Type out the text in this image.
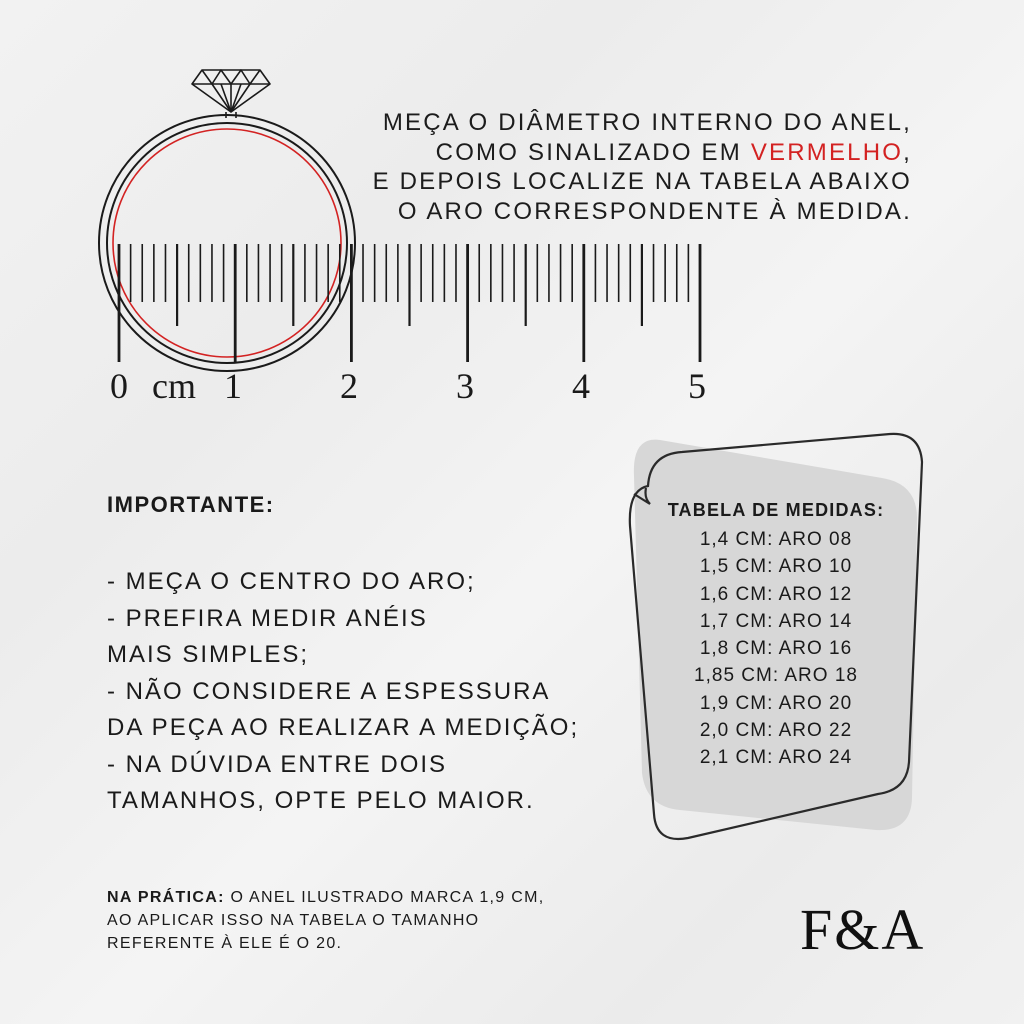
0 cm 1	2	3	4	5
MEÇA O DIÂMETRO INTERNO DO ANEL,
COMO SINALIZADO EM VERMELHO,
E DEPOIS LOCALIZE NA TABELA ABAIXO
O ARO CORRESPONDENTE À MEDIDA.
IMPORTANTE:
- MEÇA O CENTRO DO ARO;
- PREFIRA MEDIR ANÉIS
MAIS SIMPLES;
- NÃO CONSIDERE A ESPESSURA
DA PEÇA AO REALIZAR A MEDIÇÃO;
- NA DÚVIDA ENTRE DOIS
TAMANHOS, OPTE PELO MAIOR.
TABELA DE MEDIDAS:
1,4 CM: ARO 08
1,5 CM: ARO 10
1,6 CM: ARO 12
1,7 CM: ARO 14
1,8 CM: ARO 16
1,85 CM: ARO 18
1,9 CM: ARO 20
2,0 CM: ARO 22
2,1 CM: ARO 24
NA PRÁTICA: O ANEL ILUSTRADO MARCA 1,9 CM,
AO APLICAR ISSO NA TABELA O TAMANHO
REFERENTE À ELE É O 20.	F&A
